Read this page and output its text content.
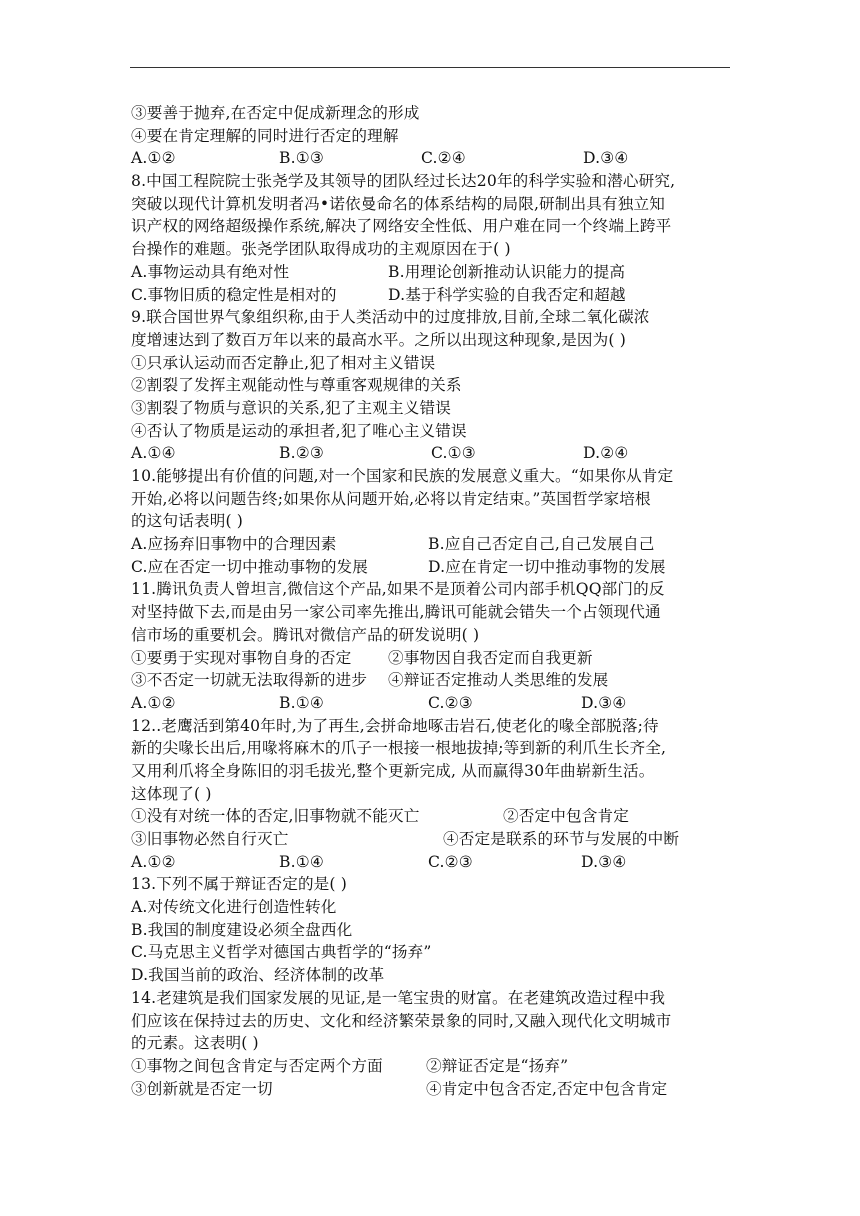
③要善于抛弃,在否定中促成新理念的形成
④要在肯定理解的同时进行否定的理解
A.①②	B.①③	C.②④	D.③④
8.中国工程院院士张尧学及其领导的团队经过长达20年的科学实验和潜心研究,
突破以现代计算机发明者冯•诺依曼命名的体系结构的局限,研制出具有独立知
识产权的网络超级操作系统,解决了网络安全性低、用户难在同一个终端上跨平
台操作的难题。张尧学团队取得成功的主观原因在于( )
A.事物运动具有绝对性	B.用理论创新推动认识能力的提高
C.事物旧质的稳定性是相对的	D.基于科学实验的自我否定和超越
9.联合国世界气象组织称,由于人类活动中的过度排放,目前,全球二氧化碳浓
度增速达到了数百万年以来的最高水平。之所以出现这种现象,是因为( )
①只承认运动而否定静止,犯了相对主义错误
②割裂了发挥主观能动性与尊重客观规律的关系
③割裂了物质与意识的关系,犯了主观主义错误
④否认了物质是运动的承担者,犯了唯心主义错误
A.①④	B.②③	C.①③	D.②④
10.能够提出有价值的问题,对一个国家和民族的发展意义重大。“如果你从肯定
开始,必将以问题告终;如果你从问题开始,必将以肯定结束。”英国哲学家培根
的这句话表明( )
A.应扬弃旧事物中的合理因素	B.应自己否定自己,自己发展自己
C.应在否定一切中推动事物的发展	D.应在肯定一切中推动事物的发展
11.腾讯负责人曾坦言,微信这个产品,如果不是顶着公司内部手机QQ部门的反
对坚持做下去,而是由另一家公司率先推出,腾讯可能就会错失一个占领现代通
信市场的重要机会。腾讯对微信产品的研发说明( )
①要勇于实现对事物自身的否定 ②事物因自我否定而自我更新
③不否定一切就无法取得新的进步 ④辩证否定推动人类思维的发展
A.①②	B.①④	C.②③	D.③④
12..老鹰活到第40年时,为了再生,会拼命地啄击岩石,使老化的喙全部脱落;待
新的尖喙长出后,用喙将麻木的爪子一根接一根地拔掉;等到新的利爪生长齐全,
又用利爪将全身陈旧的羽毛拔光,整个更新完成, 从而赢得30年曲崭新生活。
这体现了( )
①没有对统一体的否定,旧事物就不能灭亡	②否定中包含肯定
③旧事物必然自行灭亡	④否定是联系的环节与发展的中断
A.①②	B.①④	C.②③	D.③④
13.下列不属于辩证否定的是( )
A.对传统文化进行创造性转化
B.我国的制度建设必须全盘西化
C.马克思主义哲学对德国古典哲学的“扬弃”
D.我国当前的政治、经济体制的改革
14.老建筑是我们国家发展的见证,是一笔宝贵的财富。在老建筑改造过程中我
们应该在保持过去的历史、文化和经济繁荣景象的同时,又融入现代化文明城市
的元素。这表明( )
①事物之间包含肯定与否定两个方面	②辩证否定是“扬弃”
③创新就是否定一切	④肯定中包含否定,否定中包含肯定
